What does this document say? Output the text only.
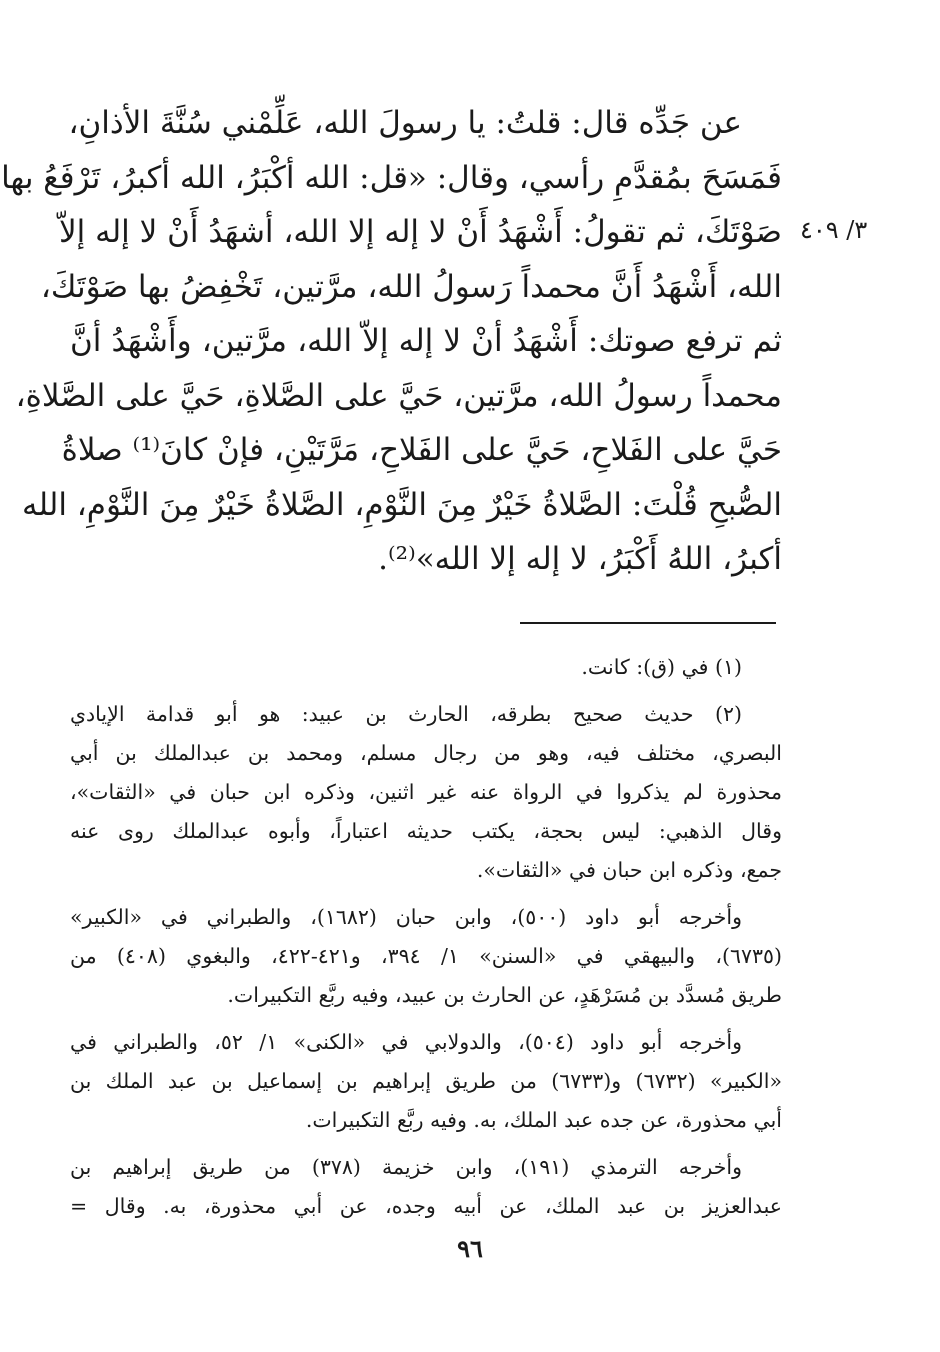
عن جَدِّه قال: قلتُ: يا رسولَ الله، عَلِّمْني سُنَّةَ الأذانِ،
فَمَسَحَ بمُقدَّمِ رأسي، وقال: «قل: الله أكْبَرُ، الله أكبرُ، تَرْفَعُ بها
صَوْتَكَ، ثم تقولُ: أَشْهَدُ أَنْ لا إله إلا الله، أشهَدُ أَنْ لا إله إلاّ
الله، أَشْهَدُ أَنَّ محمداً رَسولُ الله، مرَّتين، تَخْفِضُ بها صَوْتَكَ،
ثم ترفع صوتك: أَشْهَدُ أنْ لا إله إلاّ الله، مرَّتين، وأَشْهَدُ أنَّ
محمداً رسولُ الله، مرَّتين، حَيَّ على الصَّلاةِ، حَيَّ على الصَّلاةِ،
حَيَّ على الفَلاحِ، حَيَّ على الفَلاحِ، مَرَّتَيْنِ، فإنْ كانَ⁽¹⁾ صلاةُ
الصُّبحِ قُلْتَ: الصَّلاةُ خَيْرٌ مِنَ النَّوْمِ، الصَّلاةُ خَيْرٌ مِنَ النَّوْمِ، الله
أكبرُ، اللهُ أَكْبَرُ، لا إله إلا الله»⁽²⁾.
٣/ ٤٠٩
(١) في (ق): كانت.
(٢) حديث صحيح بطرقه، الحارث بن عبيد: هو أبو قدامة الإيادي
البصري، مختلف فيه، وهو من رجال مسلم، ومحمد بن عبدالملك بن أبي
محذورة لم يذكروا في الرواة عنه غير اثنين، وذكره ابن حبان في «الثقات»،
وقال الذهبي: ليس بحجة، يكتب حديثه اعتباراً، وأبوه عبدالملك روى عنه
جمع، وذكره ابن حبان في «الثقات».
وأخرجه أبو داود (٥٠٠)، وابن حبان (١٦٨٢)، والطبراني في «الكبير»
(٦٧٣٥)، والبيهقي في «السنن» ١/ ٣٩٤، و٤٢١-٤٢٢، والبغوي (٤٠٨) من
طريق مُسدَّد بن مُسَرْهَدٍ، عن الحارث بن عبيد، وفيه ربَّع التكبيرات.
وأخرجه أبو داود (٥٠٤)، والدولابي في «الكنى» ١/ ٥٢، والطبراني في
«الكبير» (٦٧٣٢) و(٦٧٣٣) من طريق إبراهيم بن إسماعيل بن عبد الملك بن
أبي محذورة، عن جده عبد الملك، به. وفيه ربَّع التكبيرات.
وأخرجه الترمذي (١٩١)، وابن خزيمة (٣٧٨) من طريق إبراهيم بن
عبدالعزيز بن عبد الملك، عن أبيه وجده، عن أبي محذورة، به. وقال =
٩٦
